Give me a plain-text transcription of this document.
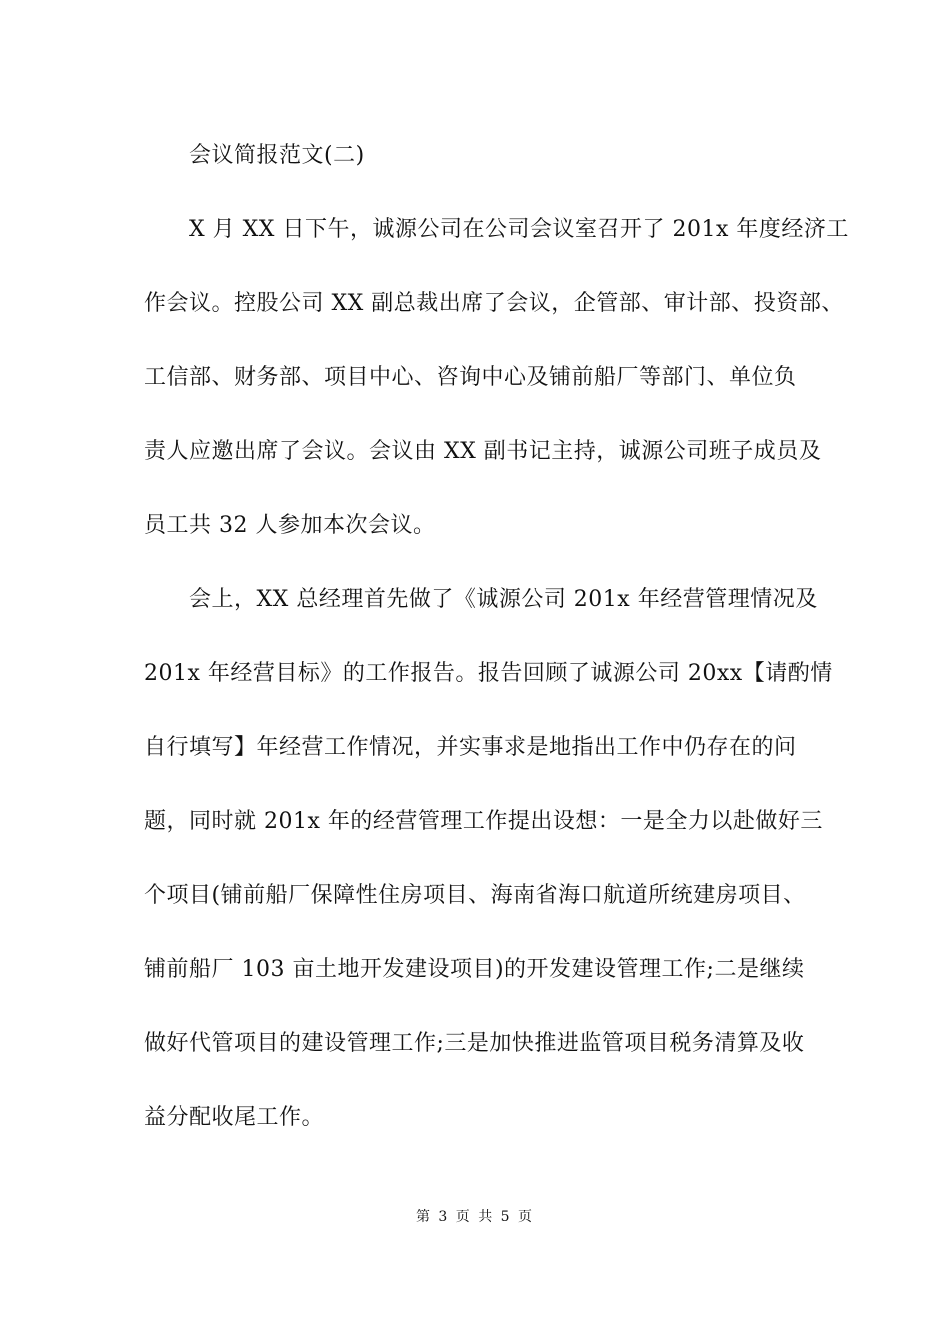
会议简报范文(二)
X 月 XX 日下午，诚源公司在公司会议室召开了 201x 年度经济工
作会议。控股公司 XX 副总裁出席了会议，企管部、审计部、投资部、
工信部、财务部、项目中心、咨询中心及铺前船厂等部门、单位负
责人应邀出席了会议。会议由 XX 副书记主持，诚源公司班子成员及
员工共 32 人参加本次会议。
会上，XX 总经理首先做了《诚源公司 201x 年经营管理情况及
201x 年经营目标》的工作报告。报告回顾了诚源公司 20xx【请酌情
自行填写】年经营工作情况，并实事求是地指出工作中仍存在的问
题，同时就 201x 年的经营管理工作提出设想：一是全力以赴做好三
个项目(铺前船厂保障性住房项目、海南省海口航道所统建房项目、
铺前船厂 103 亩土地开发建设项目)的开发建设管理工作;二是继续
做好代管项目的建设管理工作;三是加快推进监管项目税务清算及收
益分配收尾工作。
第 3 页 共 5 页
